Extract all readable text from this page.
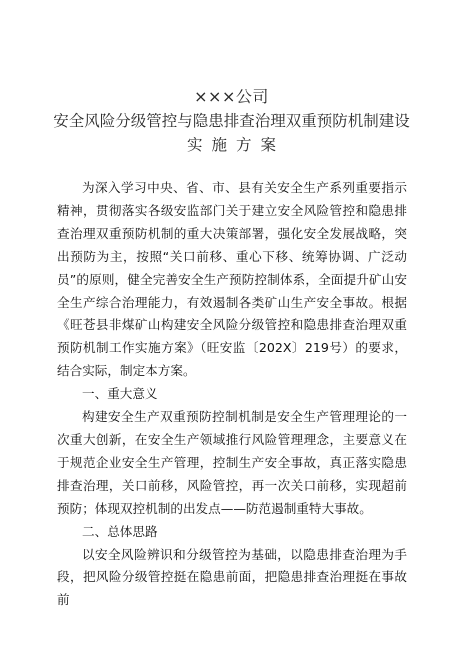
×××公司
安全风险分级管控与隐患排查治理双重预防机制建设
实施方案

为深入学习中央、省、市、县有关安全生产系列重要指示精神，贯彻落实各级安监部门关于建立安全风险管控和隐患排查治理双重预防机制的重大决策部署，强化安全发展战略，突出预防为主，按照“关口前移、重心下移、统筹协调、广泛动员”的原则，健全完善安全生产预防控制体系，全面提升矿山安全生产综合治理能力，有效遏制各类矿山生产安全事故。根据《旺苍县非煤矿山构建安全风险分级管控和隐患排查治理双重预防机制工作实施方案》（旺安监〔202X〕219号）的要求，结合实际，制定本方案。

一、重大意义

构建安全生产双重预防控制机制是安全生产管理理论的一次重大创新，在安全生产领域推行风险管理理念，主要意义在于规范企业安全生产管理，控制生产安全事故，真正落实隐患排查治理，关口前移，风险管控，再一次关口前移，实现超前预防；体现双控机制的出发点——防范遏制重特大事故。

二、总体思路

以安全风险辨识和分级管控为基础，以隐患排查治理为手段，把风险分级管控挺在隐患前面，把隐患排查治理挺在事故前
